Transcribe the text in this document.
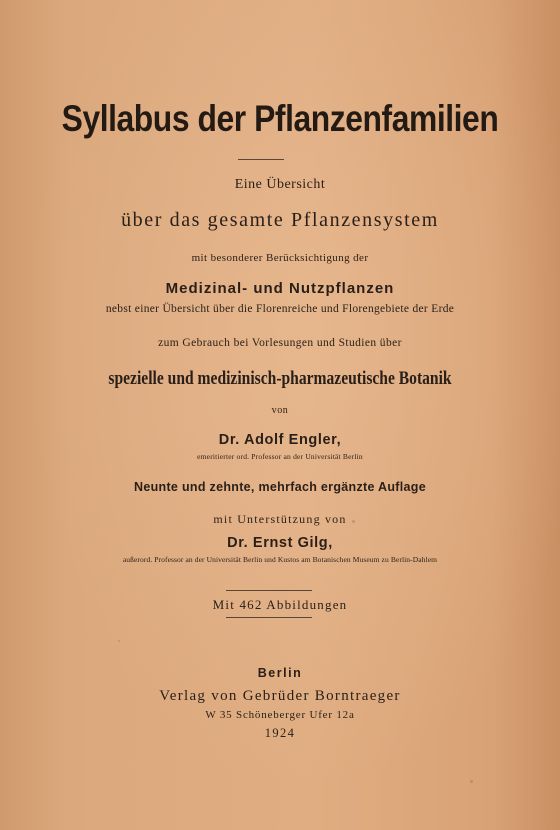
Syllabus der Pflanzenfamilien
Eine Übersicht
über das gesamte Pflanzensystem
mit besonderer Berücksichtigung der
Medizinal- und Nutzpflanzen
nebst einer Übersicht über die Florenreiche und Florengebiete der Erde
zum Gebrauch bei Vorlesungen und Studien über
spezielle und medizinisch-pharmazeutische Botanik
von
Dr. Adolf Engler,
emeritierter ord. Professor an der Universität Berlin
Neunte und zehnte, mehrfach ergänzte Auflage
mit Unterstützung von
Dr. Ernst Gilg,
außerord. Professor an der Universität Berlin und Kustos am Botanischen Museum zu Berlin-Dahlem
Mit 462 Abbildungen
Berlin
Verlag von Gebrüder Borntraeger
W 35 Schöneberger Ufer 12a
1924
